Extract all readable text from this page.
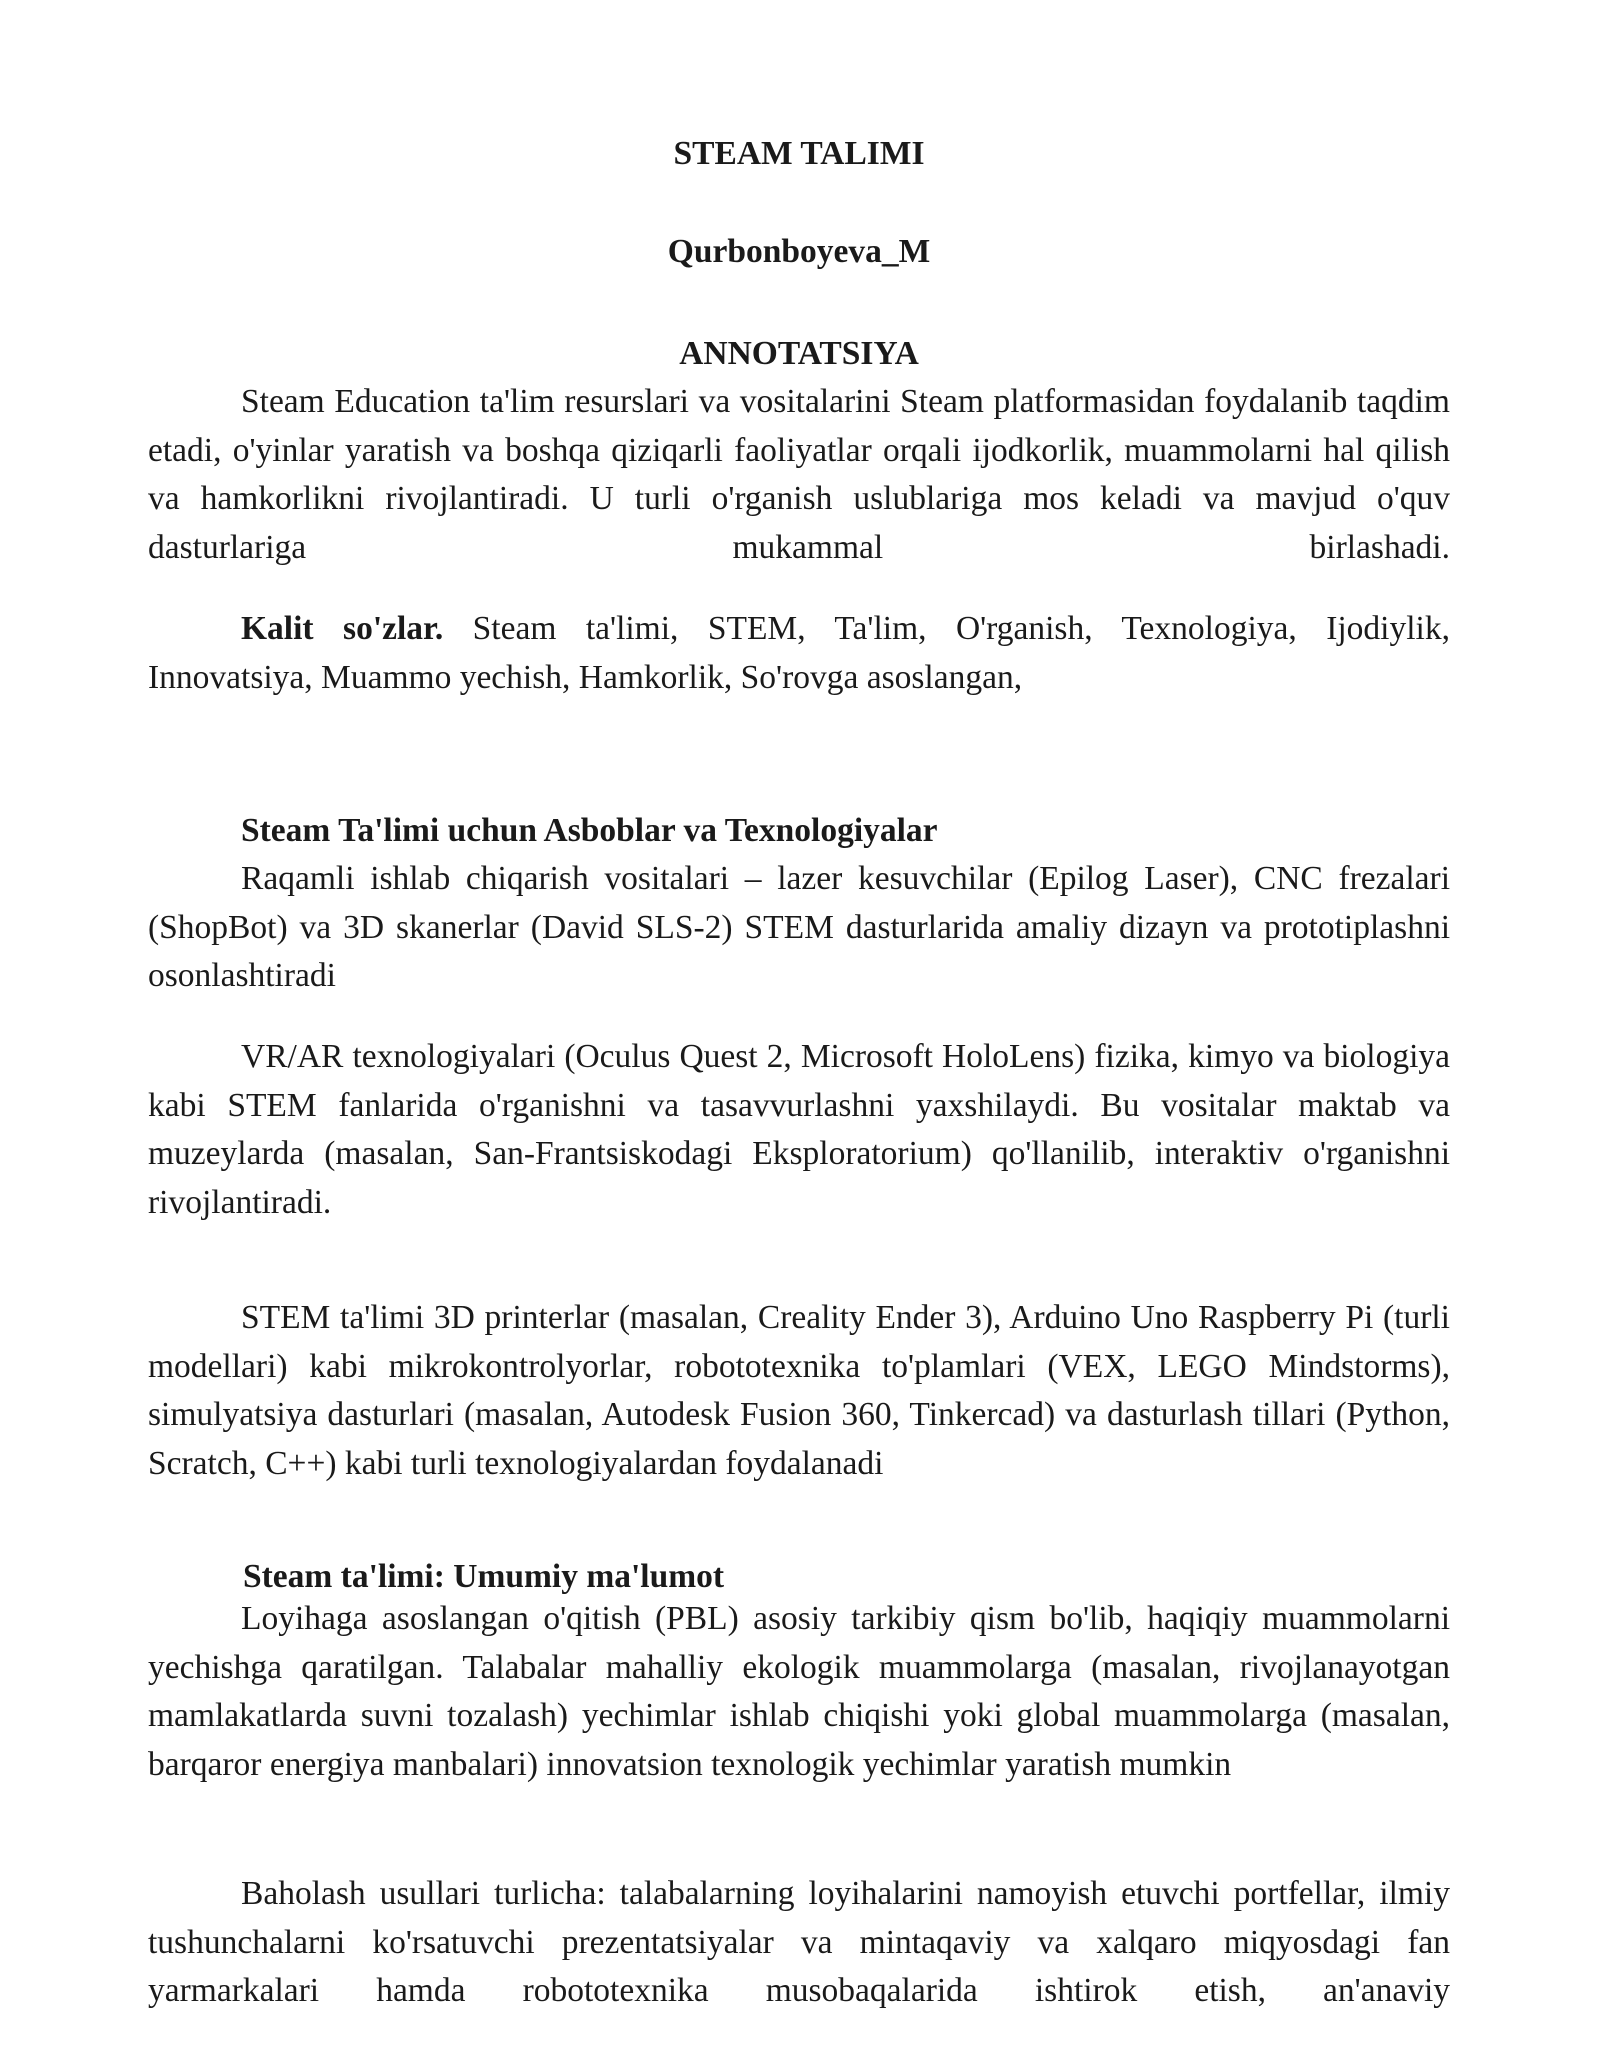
STEAM TALIMI
Qurbonboyeva_M
ANNOTATSIYA

Steam Education ta'lim resurslari va vositalarini Steam platformasidan foydalanib taqdim etadi, o'yinlar yaratish va boshqa qiziqarli faoliyatlar orqali ijodkorlik, muammolarni hal qilish va hamkorlikni rivojlantiradi. U turli o'rganish uslublariga mos keladi va mavjud o'quv dasturlariga mukammal birlashadi.

Kalit so'zlar. Steam ta'limi, STEM, Ta'lim, O'rganish, Texnologiya, Ijodiylik, Innovatsiya, Muammo yechish, Hamkorlik, So'rovga asoslangan,

Steam Ta'limi uchun Asboblar va Texnologiyalar

Raqamli ishlab chiqarish vositalari – lazer kesuvchilar (Epilog Laser), CNC frezalari (ShopBot) va 3D skanerlar (David SLS-2) STEM dasturlarida amaliy dizayn va prototiplashni osonlashtiradi

VR/AR texnologiyalari (Oculus Quest 2, Microsoft HoloLens) fizika, kimyo va biologiya kabi STEM fanlarida o'rganishni va tasavvurlashni yaxshilaydi. Bu vositalar maktab va muzeylarda (masalan, San-Frantsiskodagi Eksploratorium) qo'llanilib, interaktiv o'rganishni rivojlantiradi.

STEM ta'limi 3D printerlar (masalan, Creality Ender 3), Arduino Uno Raspberry Pi (turli modellari) kabi mikrokontrolyorlar, robototexnika to'plamlari (VEX, LEGO Mindstorms), simulyatsiya dasturlari (masalan, Autodesk Fusion 360, Tinkercad) va dasturlash tillari (Python, Scratch, C++) kabi turli texnologiyalardan foydalanadi

Steam ta'limi: Umumiy ma'lumot

Loyihaga asoslangan o'qitish (PBL) asosiy tarkibiy qism bo'lib, haqiqiy muammolarni yechishga qaratilgan. Talabalar mahalliy ekologik muammolarga (masalan, rivojlanayotgan mamlakatlarda suvni tozalash) yechimlar ishlab chiqishi yoki global muammolarga (masalan, barqaror energiya manbalari) innovatsion texnologik yechimlar yaratish mumkin

Baholash usullari turlicha: talabalarning loyihalarini namoyish etuvchi portfellar, ilmiy tushunchalarni ko'rsatuvchi prezentatsiyalar va mintaqaviy va xalqaro miqyosdagi fan yarmarkalari hamda robototexnika musobaqalarida ishtirok etish, an'anaviy
